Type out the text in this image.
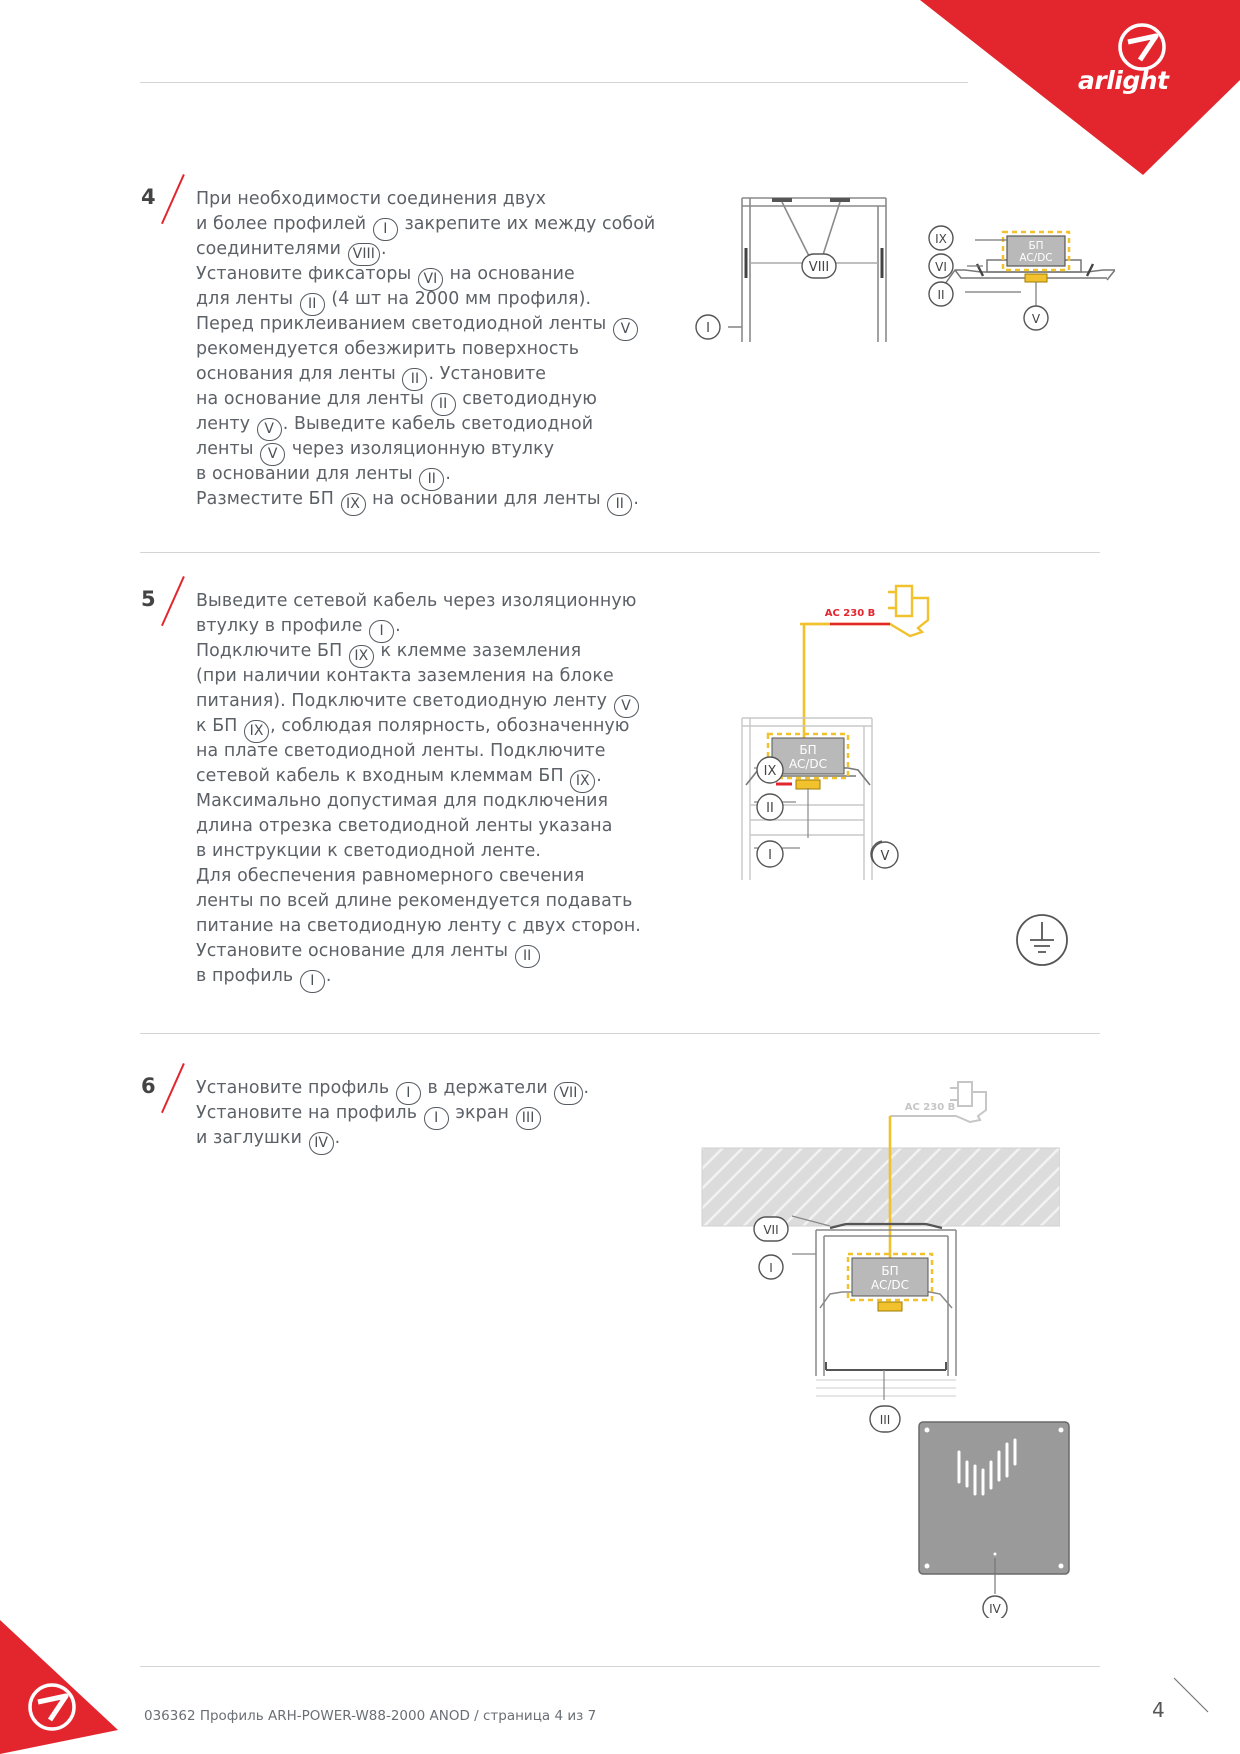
arlight
4 При необходимости соединения двух
и более профилей I закрепите их между собой
соединителями VIII .
Установите фиксаторы VI на основание
для ленты II (4 шт на 2000 мм профиля).
Перед приклеиванием светодиодной ленты V
рекомендуется обезжирить поверхность
основания для ленты II . Установите
на основание для ленты II светодиодную
ленту V . Выведите кабель светодиодной
ленты V через изоляционную втулку
в основании для ленты II .
Разместите БП IX на основании для ленты II .
5 Выведите сетевой кабель через изоляционную
втулку в профиле I .
Подключите БП IX к клемме заземления
(при наличии контакта заземления на блоке
питания). Подключите светодиодную ленту V
к БП IX , соблюдая полярность, обозначенную
на плате светодиодной ленты. Подключите
сетевой кабель к входным клеммам БП IX .
Максимально допустимая для подключения
длина отрезка светодиодной ленты указана
в инструкции к светодиодной ленте.
Для обеспечения равномерного свечения
ленты по всей длине рекомендуется подавать
питание на светодиодную ленту с двух сторон.
Установите основание для ленты II
в профиль I .
6 Установите профиль I в держатели VII .
Установите на профиль I экран III
и заглушки IV .
VIII
I
БП
AC/DC
IX
VI
II
V
AC 230 В
БП
AC/DC
IX
II
I	V
AC 230 В
БП
AC/DC
VII
I
III
IV
036362 Профиль ARH-POWER-W88-2000 ANOD / страница 4 из 7	4
